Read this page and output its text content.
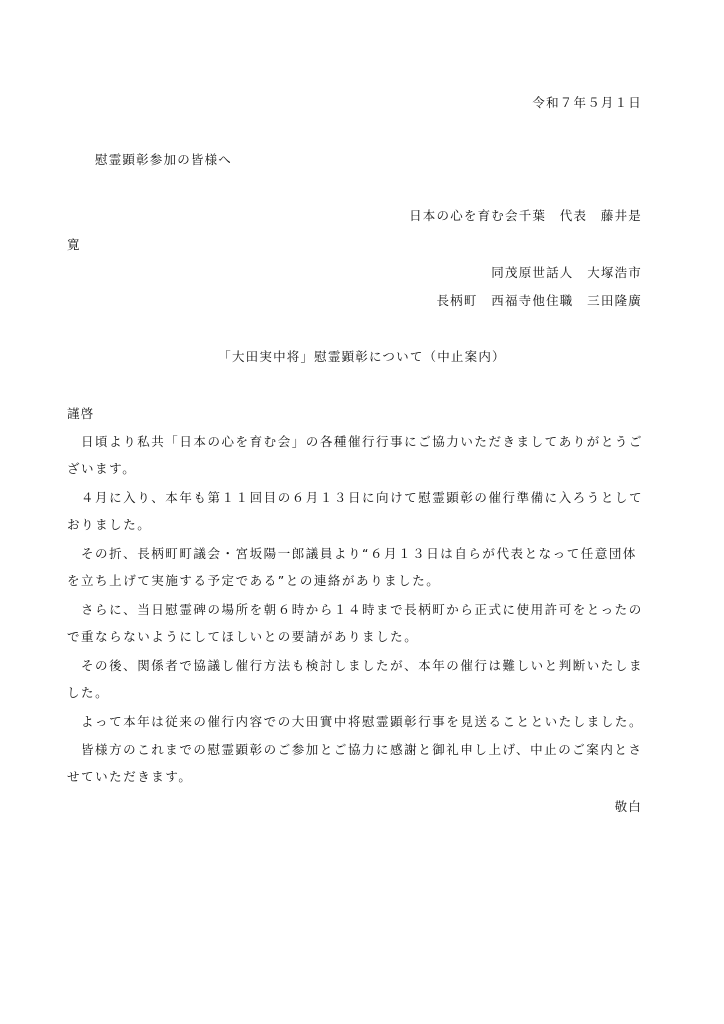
令和７年５月１日
慰霊顕彰参加の皆様へ
日本の心を育む会千葉　代表　藤井是
寛
同茂原世話人　大塚浩市
長柄町　西福寺他住職　三田隆廣
「大田実中将」慰霊顕彰について（中止案内）
謹啓

日頃より私共「日本の心を育む会」の各種催行行事にご協力いただきましてありがとうございます。

４月に入り、本年も第１１回目の６月１３日に向けて慰霊顕彰の催行準備に入ろうとしておりました。

その折、長柄町町議会・宮坂陽一郎議員より“６月１３日は自らが代表となって任意団体を立ち上げて実施する予定である”との連絡がありました。

さらに、当日慰霊碑の場所を朝６時から１４時まで長柄町から正式に使用許可をとったので重ならないようにしてほしいとの要請がありました。

その後、関係者で協議し催行方法も検討しましたが、本年の催行は難しいと判断いたしました。

よって本年は従来の催行内容での大田實中将慰霊顕彰行事を見送ることといたしました。

皆様方のこれまでの慰霊顕彰のご参加とご協力に感謝と御礼申し上げ、中止のご案内とさせていただきます。

敬白
